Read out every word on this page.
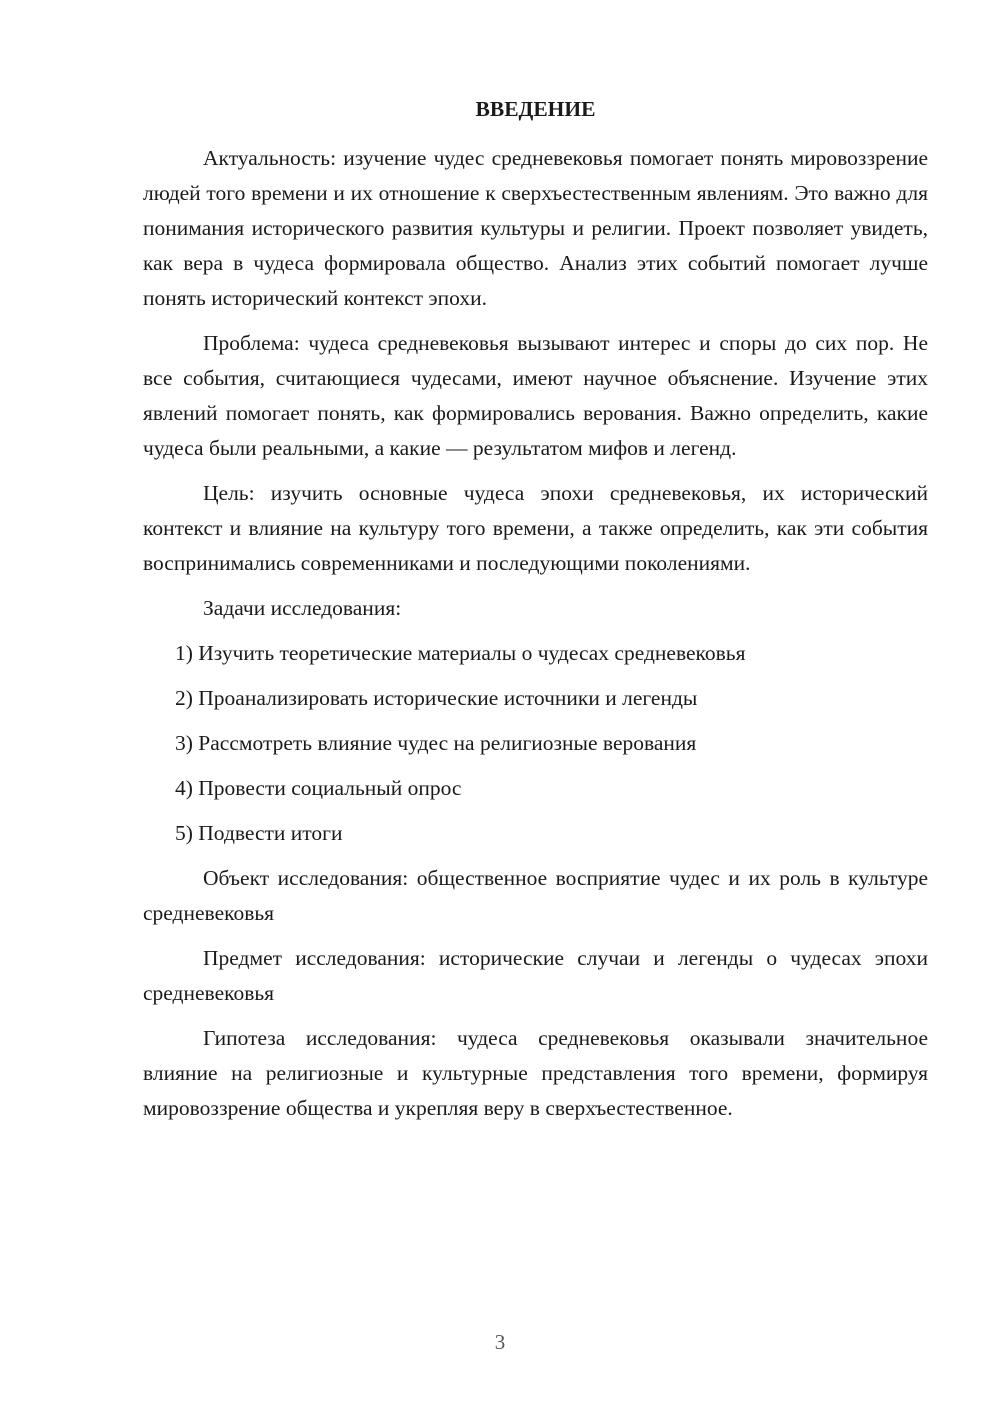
ВВЕДЕНИЕ

Актуальность: изучение чудес средневековья помогает понять мировоззрение людей того времени и их отношение к сверхъестественным явлениям. Это важно для понимания исторического развития культуры и религии. Проект позволяет увидеть, как вера в чудеса формировала общество. Анализ этих событий помогает лучше понять исторический контекст эпохи.

Проблема: чудеса средневековья вызывают интерес и споры до сих пор. Не все события, считающиеся чудесами, имеют научное объяснение. Изучение этих явлений помогает понять, как формировались верования. Важно определить, какие чудеса были реальными, а какие — результатом мифов и легенд.

Цель: изучить основные чудеса эпохи средневековья, их исторический контекст и влияние на культуру того времени, а также определить, как эти события воспринимались современниками и последующими поколениями.

Задачи исследования:
1) Изучить теоретические материалы о чудесах средневековья
2) Проанализировать исторические источники и легенды
3) Рассмотреть влияние чудес на религиозные верования
4) Провести социальный опрос
5) Подвести итоги

Объект исследования: общественное восприятие чудес и их роль в культуре средневековья

Предмет исследования: исторические случаи и легенды о чудесах эпохи средневековья

Гипотеза исследования: чудеса средневековья оказывали значительное влияние на религиозные и культурные представления того времени, формируя мировоззрение общества и укрепляя веру в сверхъестественное.

3
